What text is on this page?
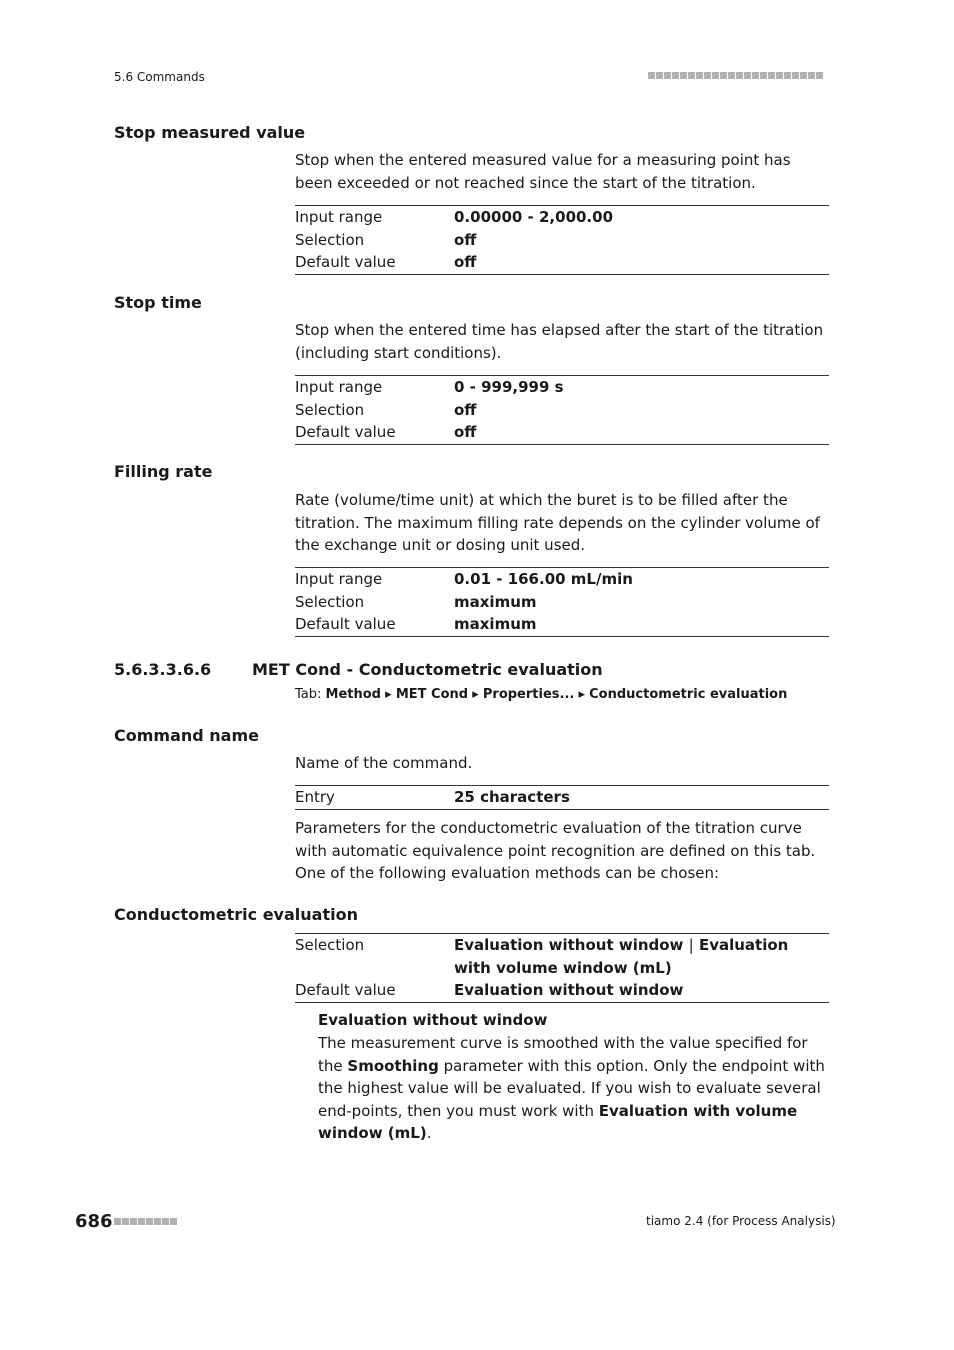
5.6 Commands
Stop measured value
Stop when the entered measured value for a measuring point has been exceeded or not reached since the start of the titration.
Input range	0.00000 - 2,000.00
Selection	off
Default value	off
Stop time
Stop when the entered time has elapsed after the start of the titration (including start conditions).
Input range	0 - 999,999 s
Selection	off
Default value	off
Filling rate
Rate (volume/time unit) at which the buret is to be filled after the titration. The maximum filling rate depends on the cylinder volume of the exchange unit or dosing unit used.
Input range	0.01 - 166.00 mL/min
Selection	maximum
Default value	maximum
5.6.3.3.6.6	MET Cond - Conductometric evaluation
Tab: Method ▸ MET Cond ▸ Properties... ▸ Conductometric evaluation
Command name
Name of the command.
Entry	25 characters
Parameters for the conductometric evaluation of the titration curve with automatic equivalence point recognition are defined on this tab. One of the following evaluation methods can be chosen:
Conductometric evaluation
Selection	Evaluation without window | Evaluation with volume window (mL)
Default value	Evaluation without window
Evaluation without window
The measurement curve is smoothed with the value specified for the Smoothing parameter with this option. Only the endpoint with the highest value will be evaluated. If you wish to evaluate several end-points, then you must work with Evaluation with volume window (mL).
686	tiamo 2.4 (for Process Analysis)
